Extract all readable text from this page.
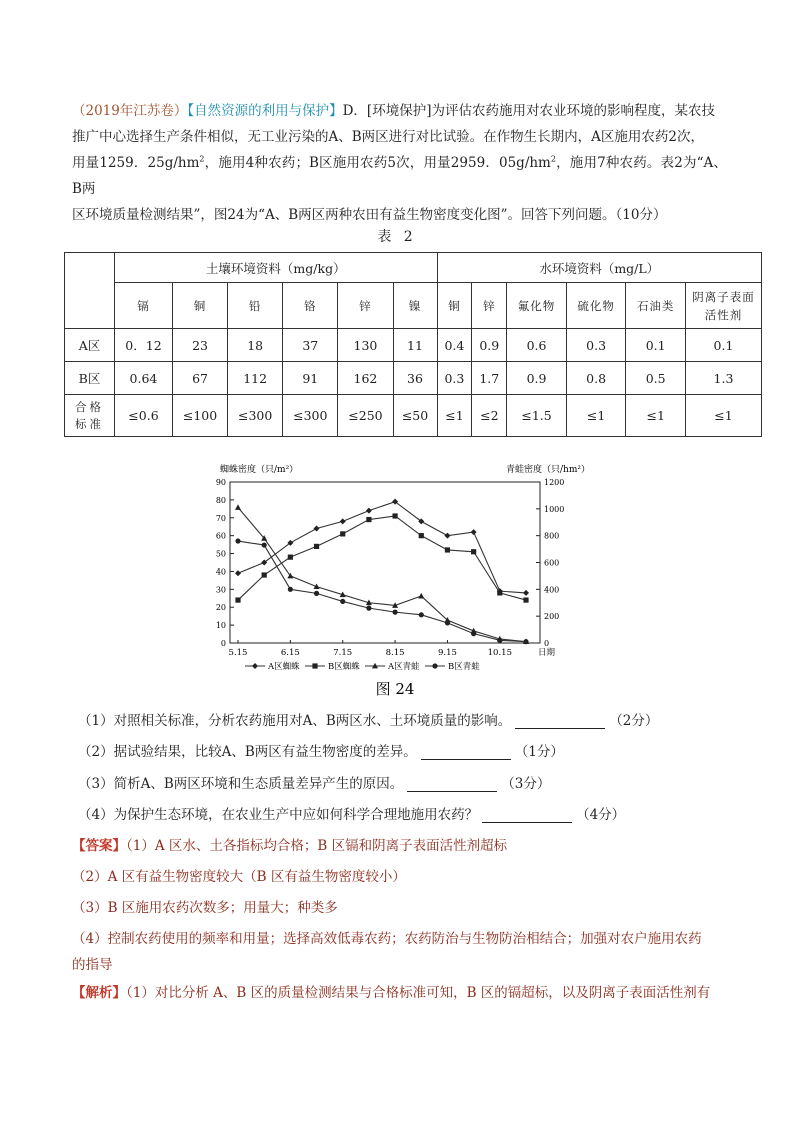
（2019年江苏卷）【自然资源的利用与保护】D．[环境保护]为评估农药施用对农业环境的影响程度，某农技
推广中心选择生产条件相似，无工业污染的A、B两区进行对比试验。在作物生长期内，A区施用农药2次，
用量1259．$25g/hm^2$，施用4种农药；B区施用农药5次，用量2959．$05g/hm^2$，施用7种农药。表2为“A、B两
区环境质量检测结果”，图24为“A、B两区两种农田有益生物密度变化图”。回答下列问题。（10分）
表 2
	土壤环境资料（mg/kg）						水环境资料（mg/L）					
	镉	铜	铅	铬	锌	镍	铜	锌	氟化物	硫化物	石油类	阴离子表面活性剂
A区	0．12	23	18	37	130	11	0.4	0.9	0.6	0.3	0.1	0.1
B区	0.64	67	112	91	162	36	0.3	1.7	0.9	0.8	0.5	1.3
合格标准	≤0.6	≤100	≤300	≤300	≤250	≤50	≤1	≤2	≤1.5	≤1	≤1	≤1
蜘蛛密度（只/m²）	青蛙密度（只/hm²）
日期
图 24
0
10
20
30
40
50
60
70
80
90
0
200
400
600
800
1000
1200
5.15	6.15	7.15	8.15	9.15	10.15
A区蜘蛛	B区蜘蛛	A区青蛙	B区青蛙
（1）对照相关标准，分析农药施用对A、B两区水、土环境质量的影响。	（2分）
（2）据试验结果，比较A、B两区有益生物密度的差异。	（1分）
（3）简析A、B两区环境和生态质量差异产生的原因。	（3分）
（4）为保护生态环境，在农业生产中应如何科学合理地施用农药？	（4分）
【答案】（1）A 区水、土各指标均合格；B 区镉和阴离子表面活性剂超标
（2）A 区有益生物密度较大（B 区有益生物密度较小）
（3）B 区施用农药次数多；用量大；种类多
（4）控制农药使用的频率和用量；选择高效低毒农药；农药防治与生物防治相结合；加强对农户施用农药
的指导
【解析】（1）对比分析 A、B 区的质量检测结果与合格标准可知，B 区的镉超标，以及阴离子表面活性剂有
